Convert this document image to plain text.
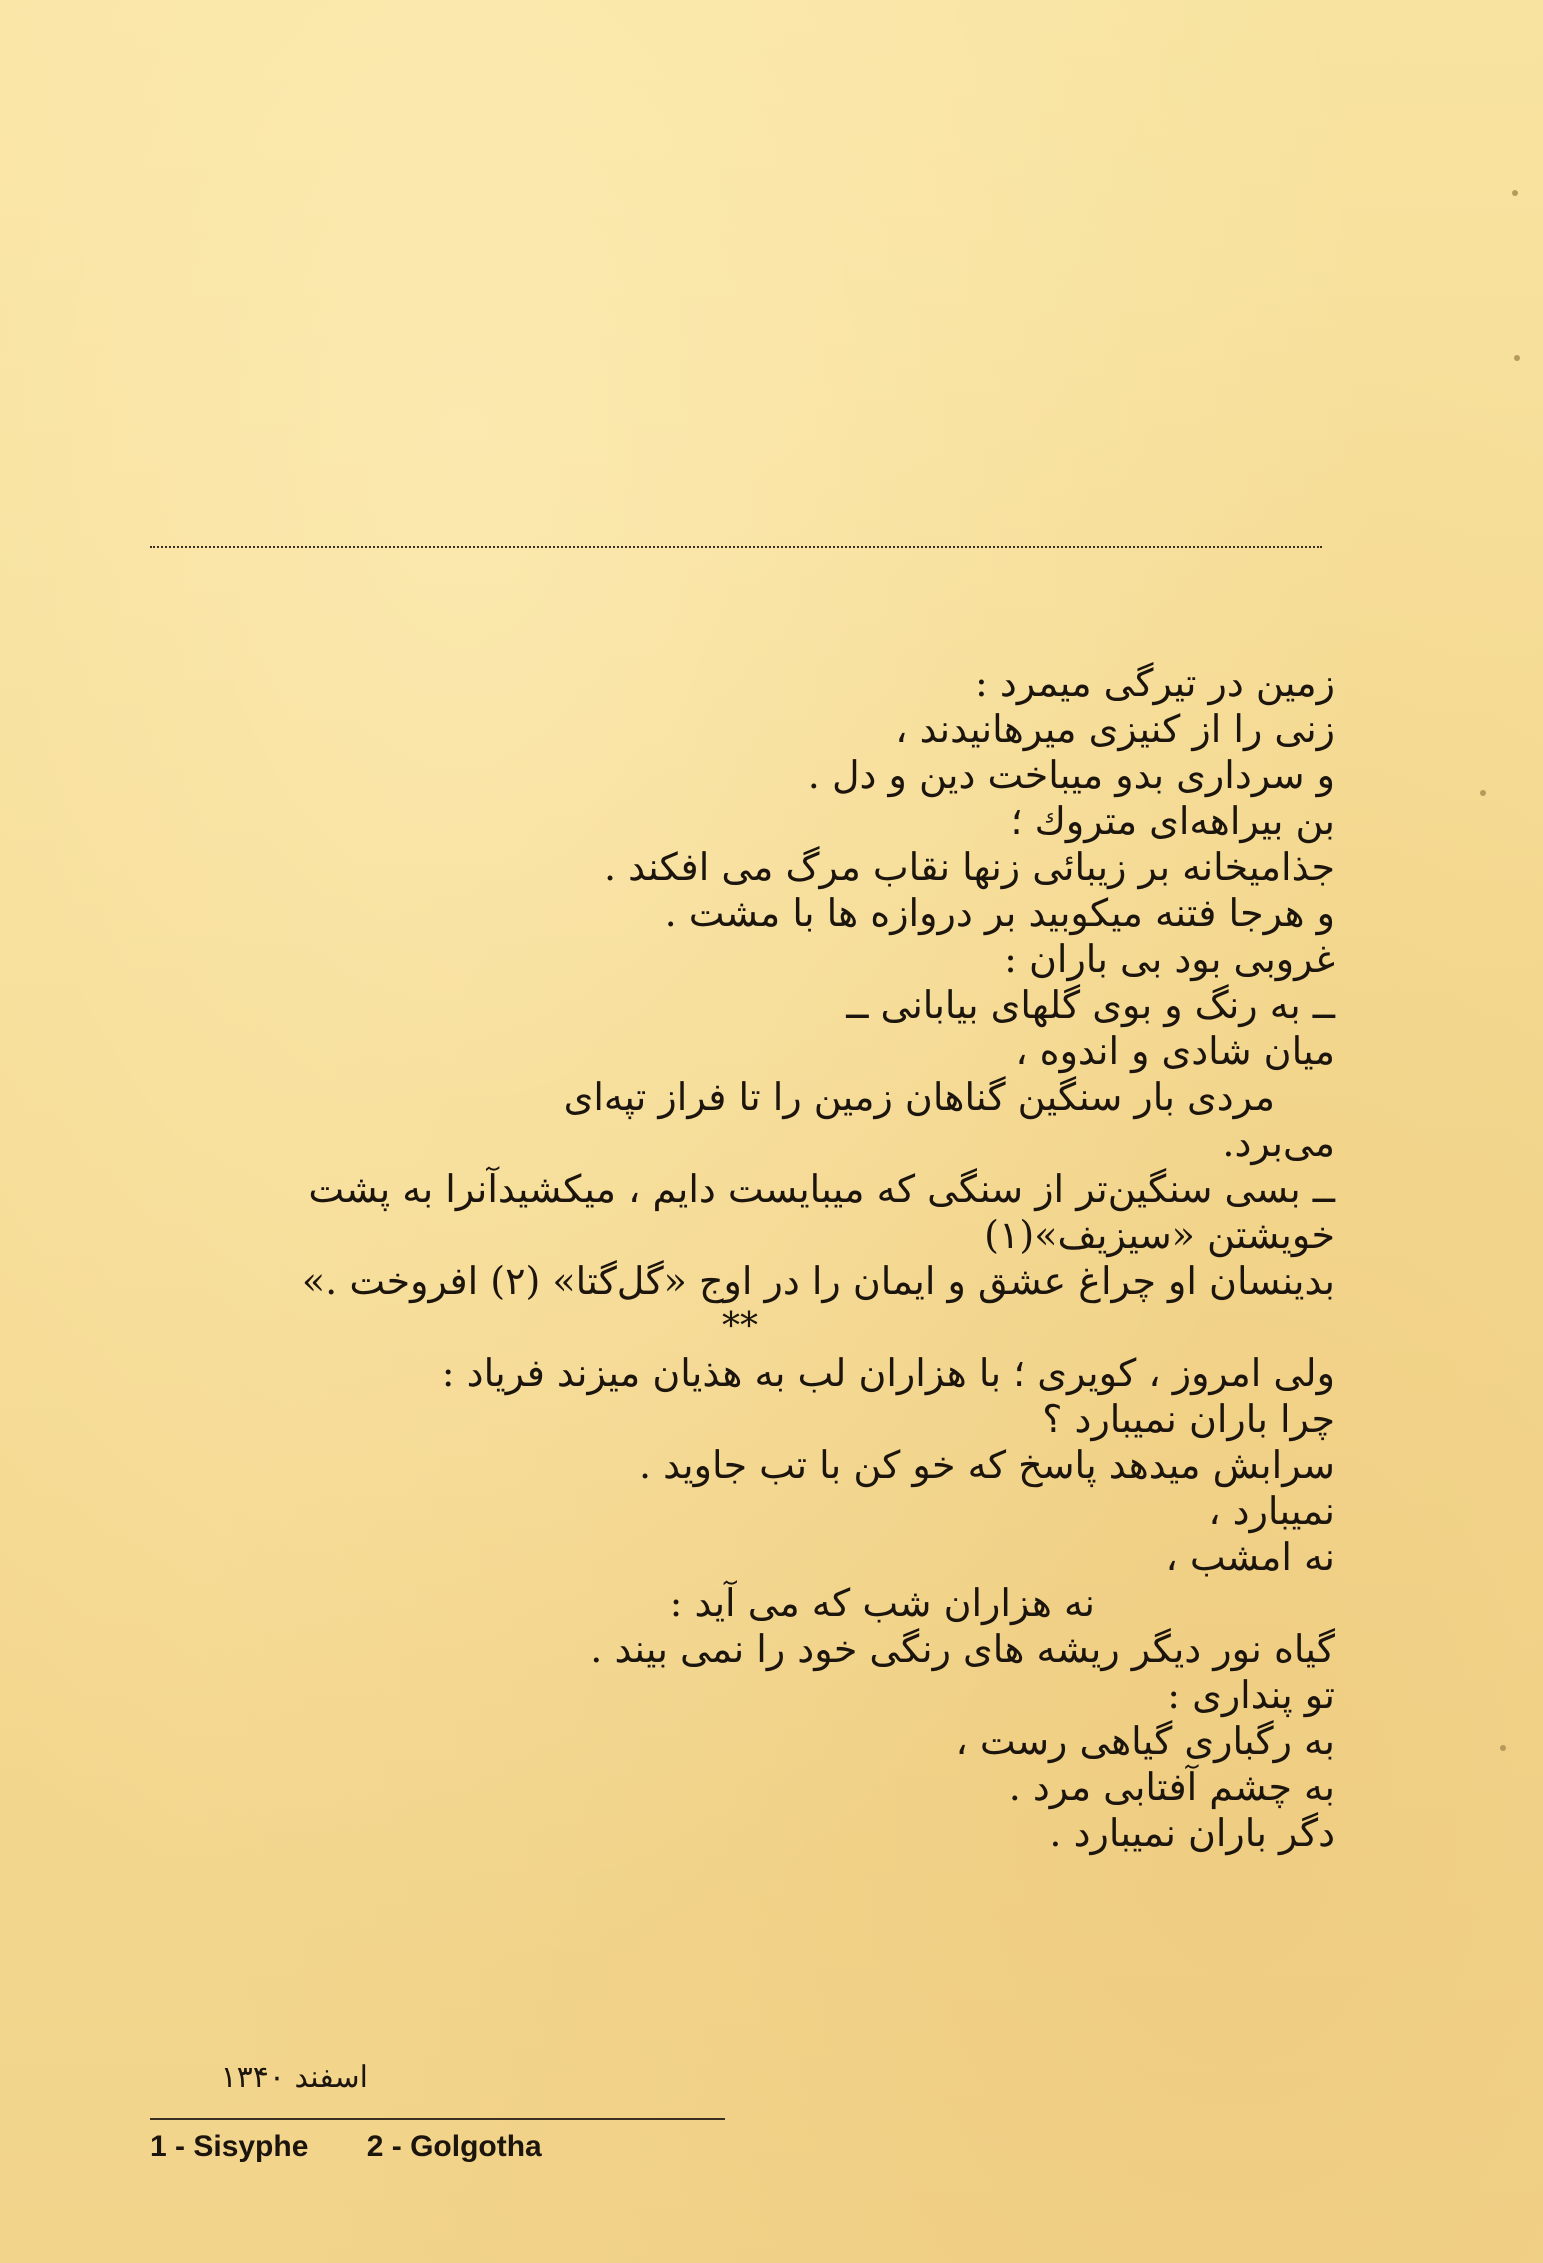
زمین در تیرگی میمرد :
زنی را از کنیزی میرهانیدند ،
و سرداری بدو میباخت دین و دل .
بن بیراهه‌ای متروك ؛
جذامیخانه بر زیبائی زنها نقاب مرگ می افکند .
و هرجا فتنه میکوبید بر دروازه ها با مشت .
غروبی بود بی باران :
ــ به رنگ و بوی گلهای بیابانی ــ
میان شادی و اندوه ،
مردی بار سنگین گناهان زمین را تا فراز تپه‌ای
می‌برد.
ــ بسی سنگین‌تر از سنگی که میبایست دایم ، میکشیدآنرا به پشت
خویشتن «سیزیف»(۱)
بدینسان او چراغ عشق و ایمان را در اوج «گل‌گتا» (۲) افروخت .»
**
ولی امروز ، کویری ؛ با هزاران لب به هذیان میزند فریاد :
چرا باران نمیبارد ؟
سرابش میدهد پاسخ که خو کن با تب جاوید .
نمیبارد ،
نه امشب ،
نه هزاران شب که می آید :
گیاه نور دیگر ریشه های رنگی خود را نمی بیند .
تو پنداری :
به رگباری گیاهی رست ،
به چشم آفتابی مرد .
دگر باران نمیبارد .
اسفند ۱۳۴۰
1 - Sisyphe 2 - Golgotha
